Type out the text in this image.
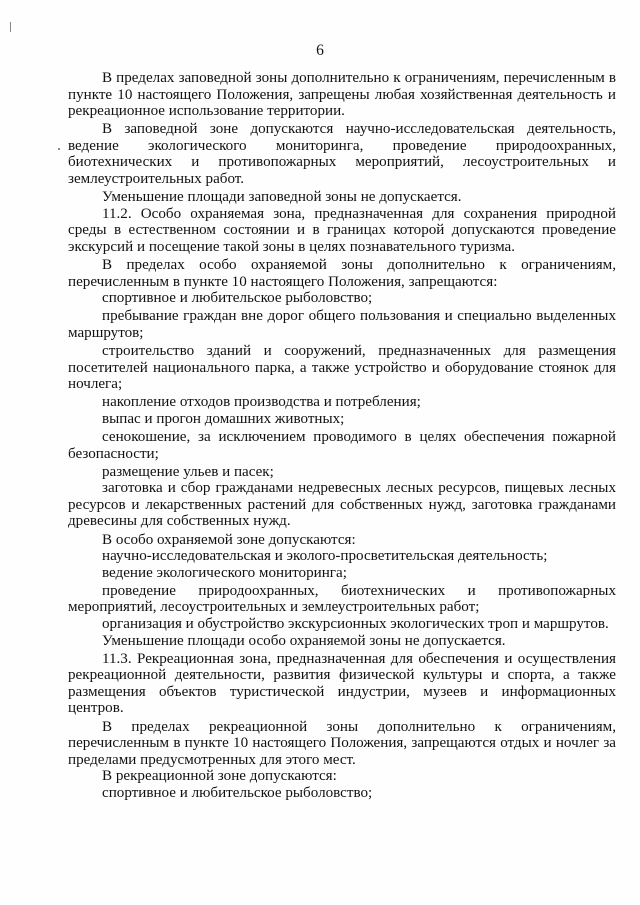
6

В пределах заповедной зоны дополнительно к ограничениям, перечисленным в пункте 10 настоящего Положения, запрещены любая хозяйственная деятельность и рекреационное использование территории.

В заповедной зоне допускаются научно-исследовательская деятельность, ведение экологического мониторинга, проведение природоохранных, биотехнических и противопожарных мероприятий, лесоустроительных и землеустроительных работ.

Уменьшение площади заповедной зоны не допускается.

11.2. Особо охраняемая зона, предназначенная для сохранения природной среды в естественном состоянии и в границах которой допускаются проведение экскурсий и посещение такой зоны в целях познавательного туризма.

В пределах особо охраняемой зоны дополнительно к ограничениям, перечисленным в пункте 10 настоящего Положения, запрещаются:

спортивное и любительское рыболовство;

пребывание граждан вне дорог общего пользования и специально выделенных маршрутов;

строительство зданий и сооружений, предназначенных для размещения посетителей национального парка, а также устройство и оборудование стоянок для ночлега;

накопление отходов производства и потребления;

выпас и прогон домашних животных;

сенокошение, за исключением проводимого в целях обеспечения пожарной безопасности;

размещение ульев и пасек;

заготовка и сбор гражданами недревесных лесных ресурсов, пищевых лесных ресурсов и лекарственных растений для собственных нужд, заготовка гражданами древесины для собственных нужд.

В особо охраняемой зоне допускаются:

научно-исследовательская и эколого-просветительская деятельность;

ведение экологического мониторинга;

проведение природоохранных, биотехнических и противопожарных мероприятий, лесоустроительных и землеустроительных работ;

организация и обустройство экскурсионных экологических троп и маршрутов.

Уменьшение площади особо охраняемой зоны не допускается.

11.3. Рекреационная зона, предназначенная для обеспечения и осуществления рекреационной деятельности, развития физической культуры и спорта, а также размещения объектов туристической индустрии, музеев и информационных центров.

В пределах рекреационной зоны дополнительно к ограничениям, перечисленным в пункте 10 настоящего Положения, запрещаются отдых и ночлег за пределами предусмотренных для этого мест.

В рекреационной зоне допускаются:

спортивное и любительское рыболовство;
